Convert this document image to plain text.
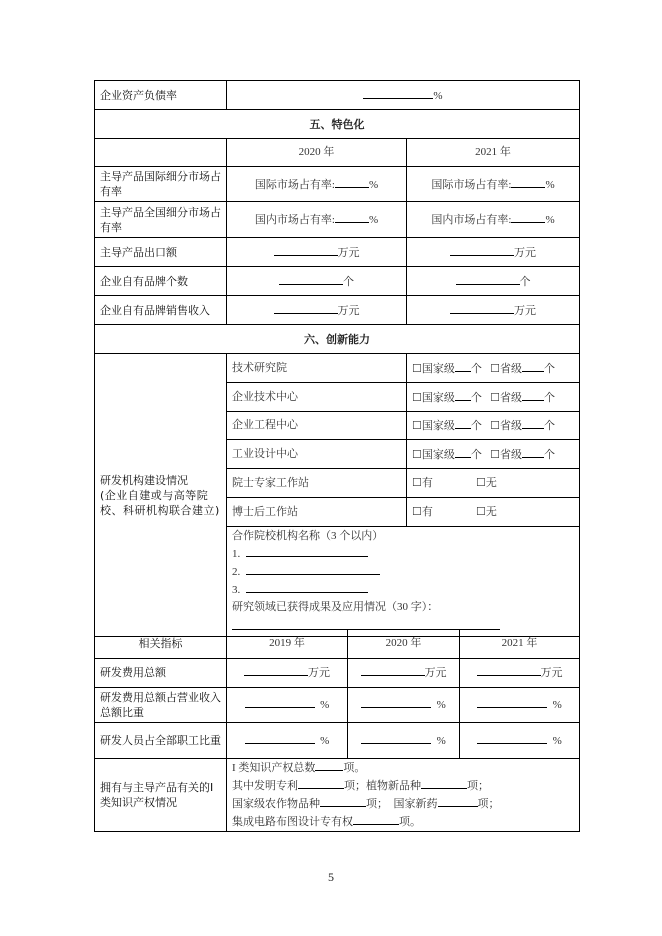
企业资产负债率	%	
五、特色化		
	2020 年	2021 年
主导产品国际细分市场占有率	国际市场占有率: %	国际市场占有率: %
主导产品全国细分市场占有率	国内市场占有率: %	国内市场占有率: %
主导产品出口额	万元	万元
企业自有品牌个数	个	个
企业自有品牌销售收入	万元	万元
六、创新能力		

研发机构建设情况
(企业自建或与高等院校、科研机构联合建立)	技术研究院	☐国家级 个 ☐省级 个
	企业技术中心	☐国家级 个 ☐省级 个
	企业工程中心	☐国家级 个 ☐省级 个
	工业设计中心	☐国家级 个 ☐省级 个
	院士专家工作站	☐有 ☐无
	博士后工作站	☐有 ☐无

	合作院校机构名称（3 个以内）
1.
2.
3.
研究领域已获得成果及应用情况（30 字）：	
相关指标	2019 年	2020 年	2021 年
研发费用总额	万元	万元	万元
研发费用总额占营业收入总额比重	%	%	%
研发人员占全部职工比重	%	%	%
拥有与主导产品有关的I 类知识产权情况	I 类知识产权总数 项。
其中发明专利 项；植物新品种 项；
国家级农作物品种 项；　国家新药 项；
集成电路布图设计专有权 项。		
5
